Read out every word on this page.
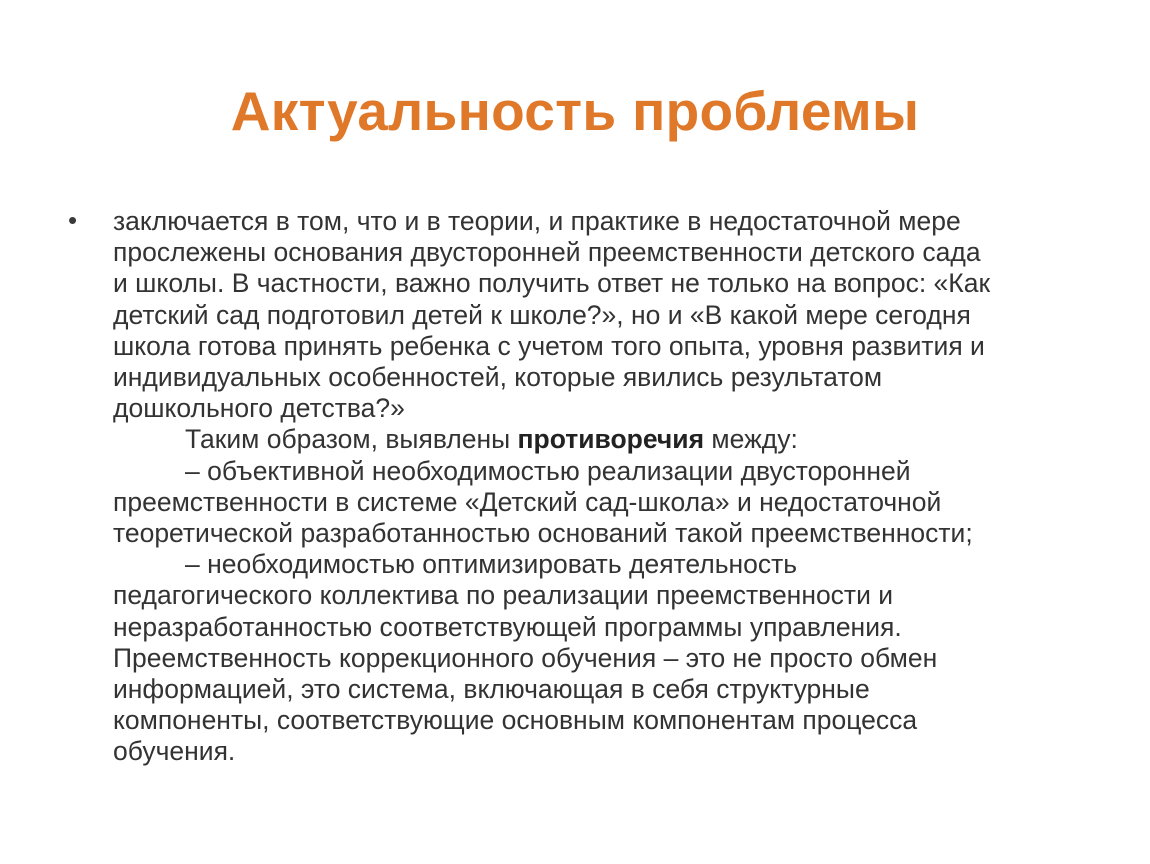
Актуальность проблемы
• заключается в том, что и в теории, и практике в недостаточной мере
прослежены основания двусторонней преемственности детского сада
и школы. В частности, важно получить ответ не только на вопрос: «Как
детский сад подготовил детей к школе?», но и «В какой мере сегодня
школа готова принять ребенка с учетом того опыта, уровня развития и
индивидуальных особенностей, которые явились результатом
дошкольного детства?»
Таким образом, выявлены противоречия между:
– объективной необходимостью реализации двусторонней
преемственности в системе «Детский сад-школа» и недостаточной
теоретической разработанностью оснований такой преемственности;
– необходимостью оптимизировать деятельность
педагогического коллектива по реализации преемственности и
неразработанностью соответствующей программы управления.
Преемственность коррекционного обучения – это не просто обмен
информацией, это система, включающая в себя структурные
компоненты, соответствующие основным компонентам процесса
обучения.
